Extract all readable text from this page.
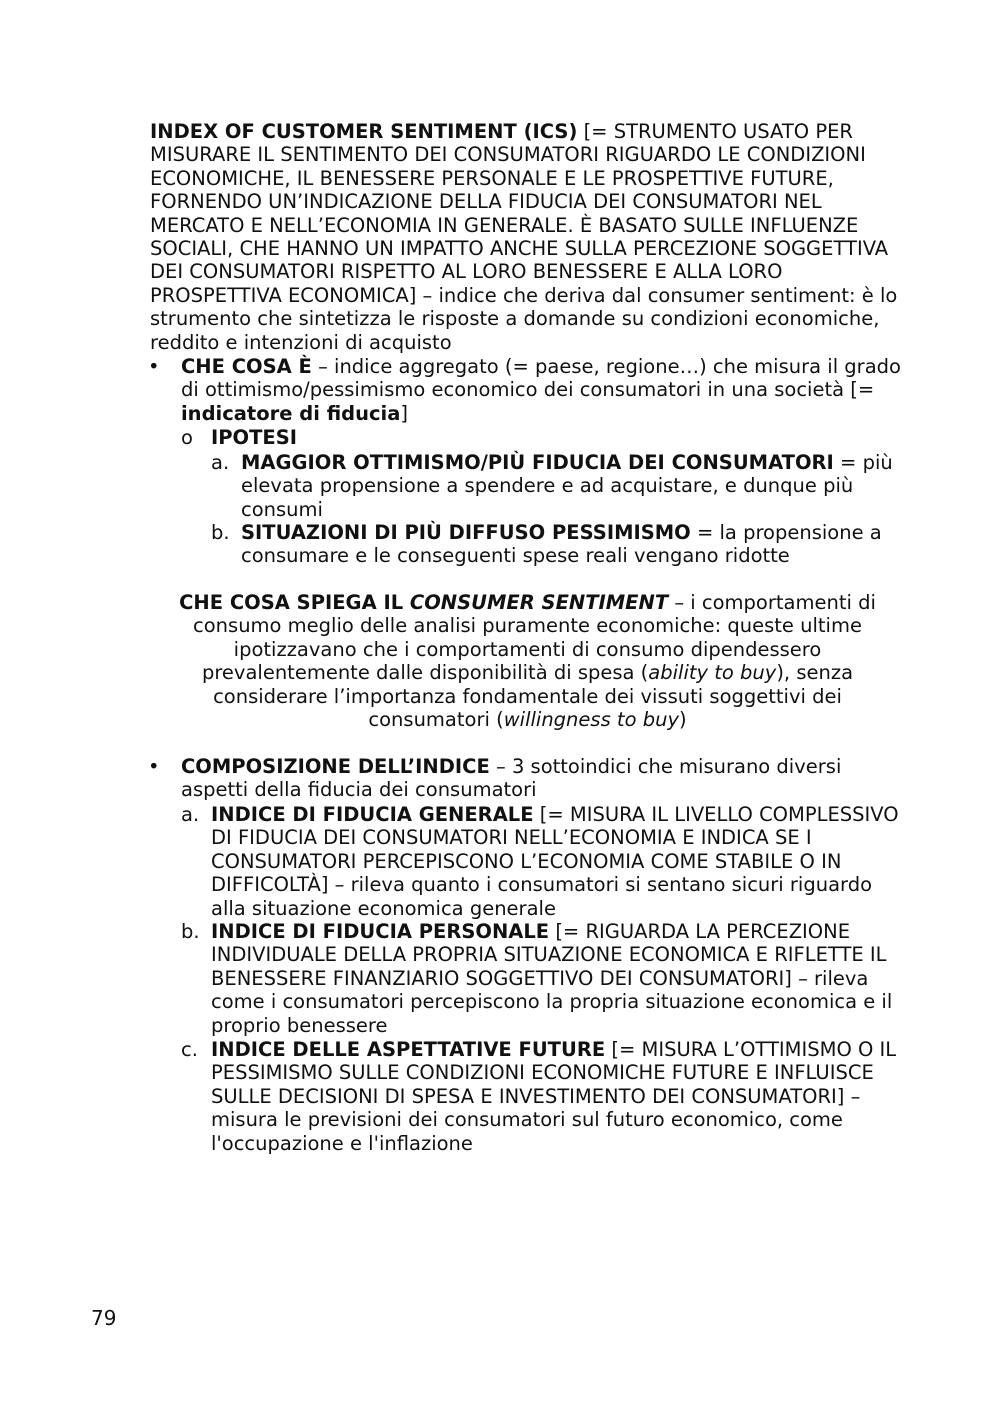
INDEX OF CUSTOMER SENTIMENT (ICS) [= STRUMENTO USATO PER MISURARE IL SENTIMENTO DEI CONSUMATORI RIGUARDO LE CONDIZIONI ECONOMICHE, IL BENESSERE PERSONALE E LE PROSPETTIVE FUTURE, FORNENDO UN’INDICAZIONE DELLA FIDUCIA DEI CONSUMATORI NEL MERCATO E NELL’ECONOMIA IN GENERALE. È BASATO SULLE INFLUENZE SOCIALI, CHE HANNO UN IMPATTO ANCHE SULLA PERCEZIONE SOGGETTIVA DEI CONSUMATORI RISPETTO AL LORO BENESSERE E ALLA LORO PROSPETTIVA ECONOMICA] – indice che deriva dal consumer sentiment: è lo strumento che sintetizza le risposte a domande su condizioni economiche, reddito e intenzioni di acquisto

• CHE COSA È – indice aggregato (= paese, regione…) che misura il grado di ottimismo/pessimismo economico dei consumatori in una società [= indicatore di fiducia]

o IPOTESI

a. MAGGIOR OTTIMISMO/PIÙ FIDUCIA DEI CONSUMATORI = più elevata propensione a spendere e ad acquistare, e dunque più consumi

b. SITUAZIONI DI PIÙ DIFFUSO PESSIMISMO = la propensione a consumare e le conseguenti spese reali vengano ridotte

CHE COSA SPIEGA IL CONSUMER SENTIMENT – i comportamenti di consumo meglio delle analisi puramente economiche: queste ultime ipotizzavano che i comportamenti di consumo dipendessero prevalentemente dalle disponibilità di spesa (ability to buy), senza considerare l’importanza fondamentale dei vissuti soggettivi dei consumatori (willingness to buy)

• COMPOSIZIONE DELL’INDICE – 3 sottoindici che misurano diversi aspetti della fiducia dei consumatori

a. INDICE DI FIDUCIA GENERALE [= MISURA IL LIVELLO COMPLESSIVO DI FIDUCIA DEI CONSUMATORI NELL’ECONOMIA E INDICA SE I CONSUMATORI PERCEPISCONO L’ECONOMIA COME STABILE O IN DIFFICOLTÀ] – rileva quanto i consumatori si sentano sicuri riguardo alla situazione economica generale

b. INDICE DI FIDUCIA PERSONALE [= RIGUARDA LA PERCEZIONE INDIVIDUALE DELLA PROPRIA SITUAZIONE ECONOMICA E RIFLETTE IL BENESSERE FINANZIARIO SOGGETTIVO DEI CONSUMATORI] – rileva come i consumatori percepiscono la propria situazione economica e il proprio benessere

c. INDICE DELLE ASPETTATIVE FUTURE [= MISURA L’OTTIMISMO O IL PESSIMISMO SULLE CONDIZIONI ECONOMICHE FUTURE E INFLUISCE SULLE DECISIONI DI SPESA E INVESTIMENTO DEI CONSUMATORI] – misura le previsioni dei consumatori sul futuro economico, come l'occupazione e l'inflazione

79
